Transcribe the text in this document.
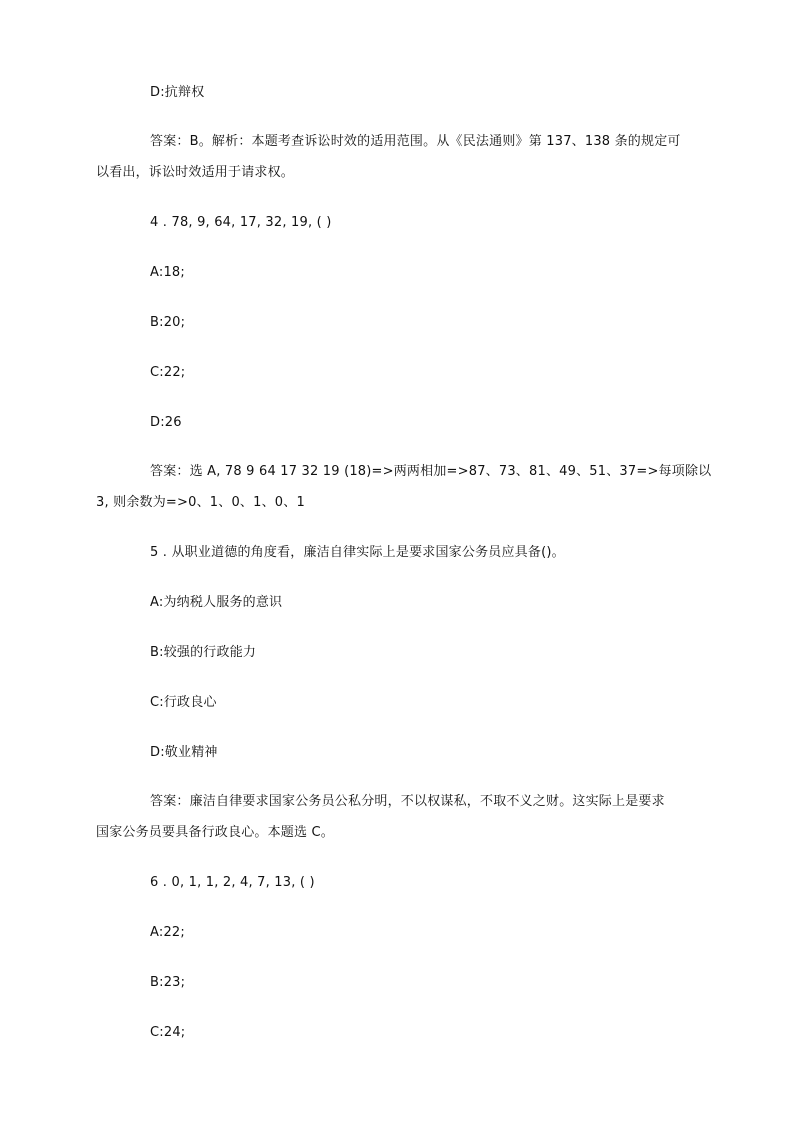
D:抗辩权
答案：B。解析：本题考查诉讼时效的适用范围。从《民法通则》第 137、138 条的规定可
以看出，诉讼时效适用于请求权。
4 . 78, 9, 64, 17, 32, 19, ( )
A:18;
B:20;
C:22;
D:26
答案：选 A, 78 9 64 17 32 19 (18)=>两两相加=>87、73、81、49、51、37=>每项除以
3, 则余数为=>0、1、0、1、0、1
5 . 从职业道德的角度看，廉洁自律实际上是要求国家公务员应具备()。
A:为纳税人服务的意识
B:较强的行政能力
C:行政良心
D:敬业精神
答案：廉洁自律要求国家公务员公私分明，不以权谋私，不取不义之财。这实际上是要求
国家公务员要具备行政良心。本题选 C。
6 . 0, 1, 1, 2, 4, 7, 13, ( )
A:22;
B:23;
C:24;
